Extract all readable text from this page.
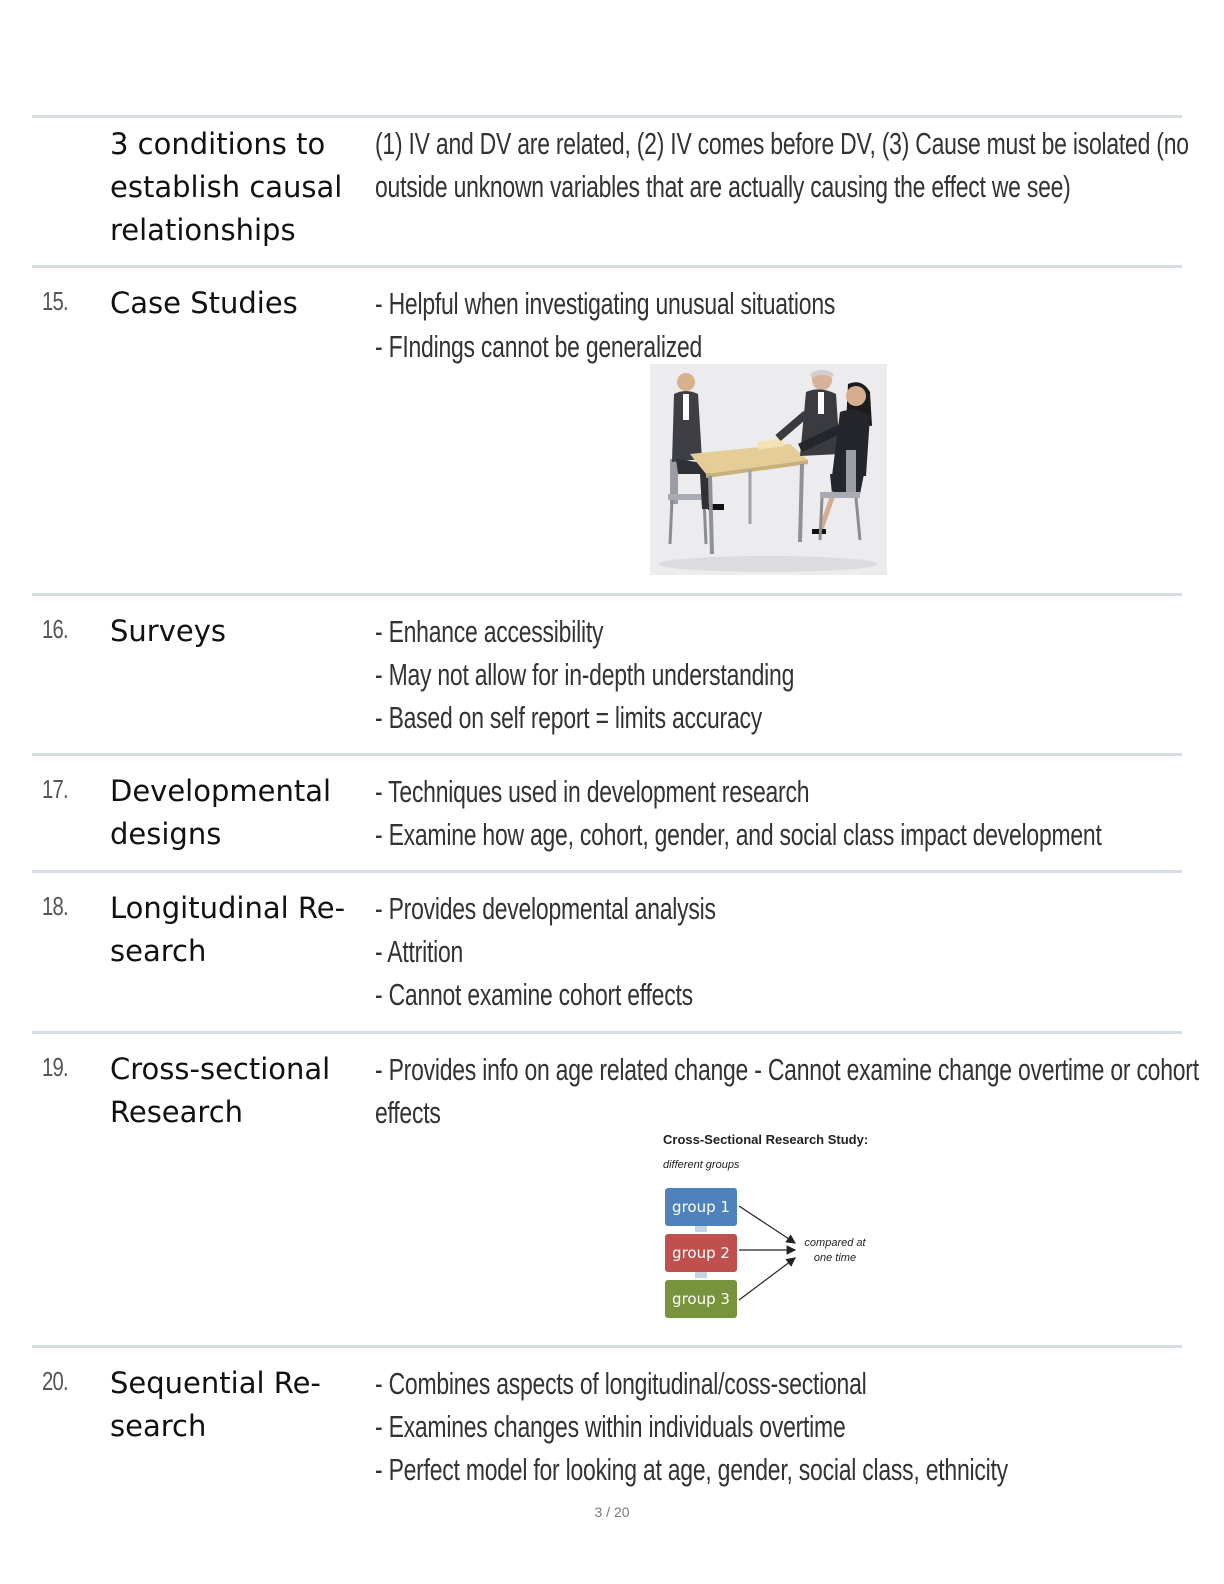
3 conditions to establish causal relationships
(1) IV and DV are related, (2) IV comes before DV, (3) Cause must be isolated (no
outside unknown variables that are actually causing the effect we see)
15. Case Studies	- Helpful when investigating unusual situations
- FIndings cannot be generalized
16. Surveys	- Enhance accessibility
- May not allow for in-depth understanding
- Based on self report = limits accuracy
17. Developmental designs
- Techniques used in development research
- Examine how age, cohort, gender, and social class impact development
18. Longitudinal Re-search
- Provides developmental analysis
- Attrition
- Cannot examine cohort effects
19. Cross-sectional Research
- Provides info on age related change - Cannot examine change overtime or cohort
effects
20. Sequential Re-search
- Combines aspects of longitudinal/coss-sectional
- Examines changes within individuals overtime
- Perfect model for looking at age, gender, social class, ethnicity
Cross-Sectional Research Study:
different groups
group 1
group 2
group 3
compared at
one time
3 / 20
